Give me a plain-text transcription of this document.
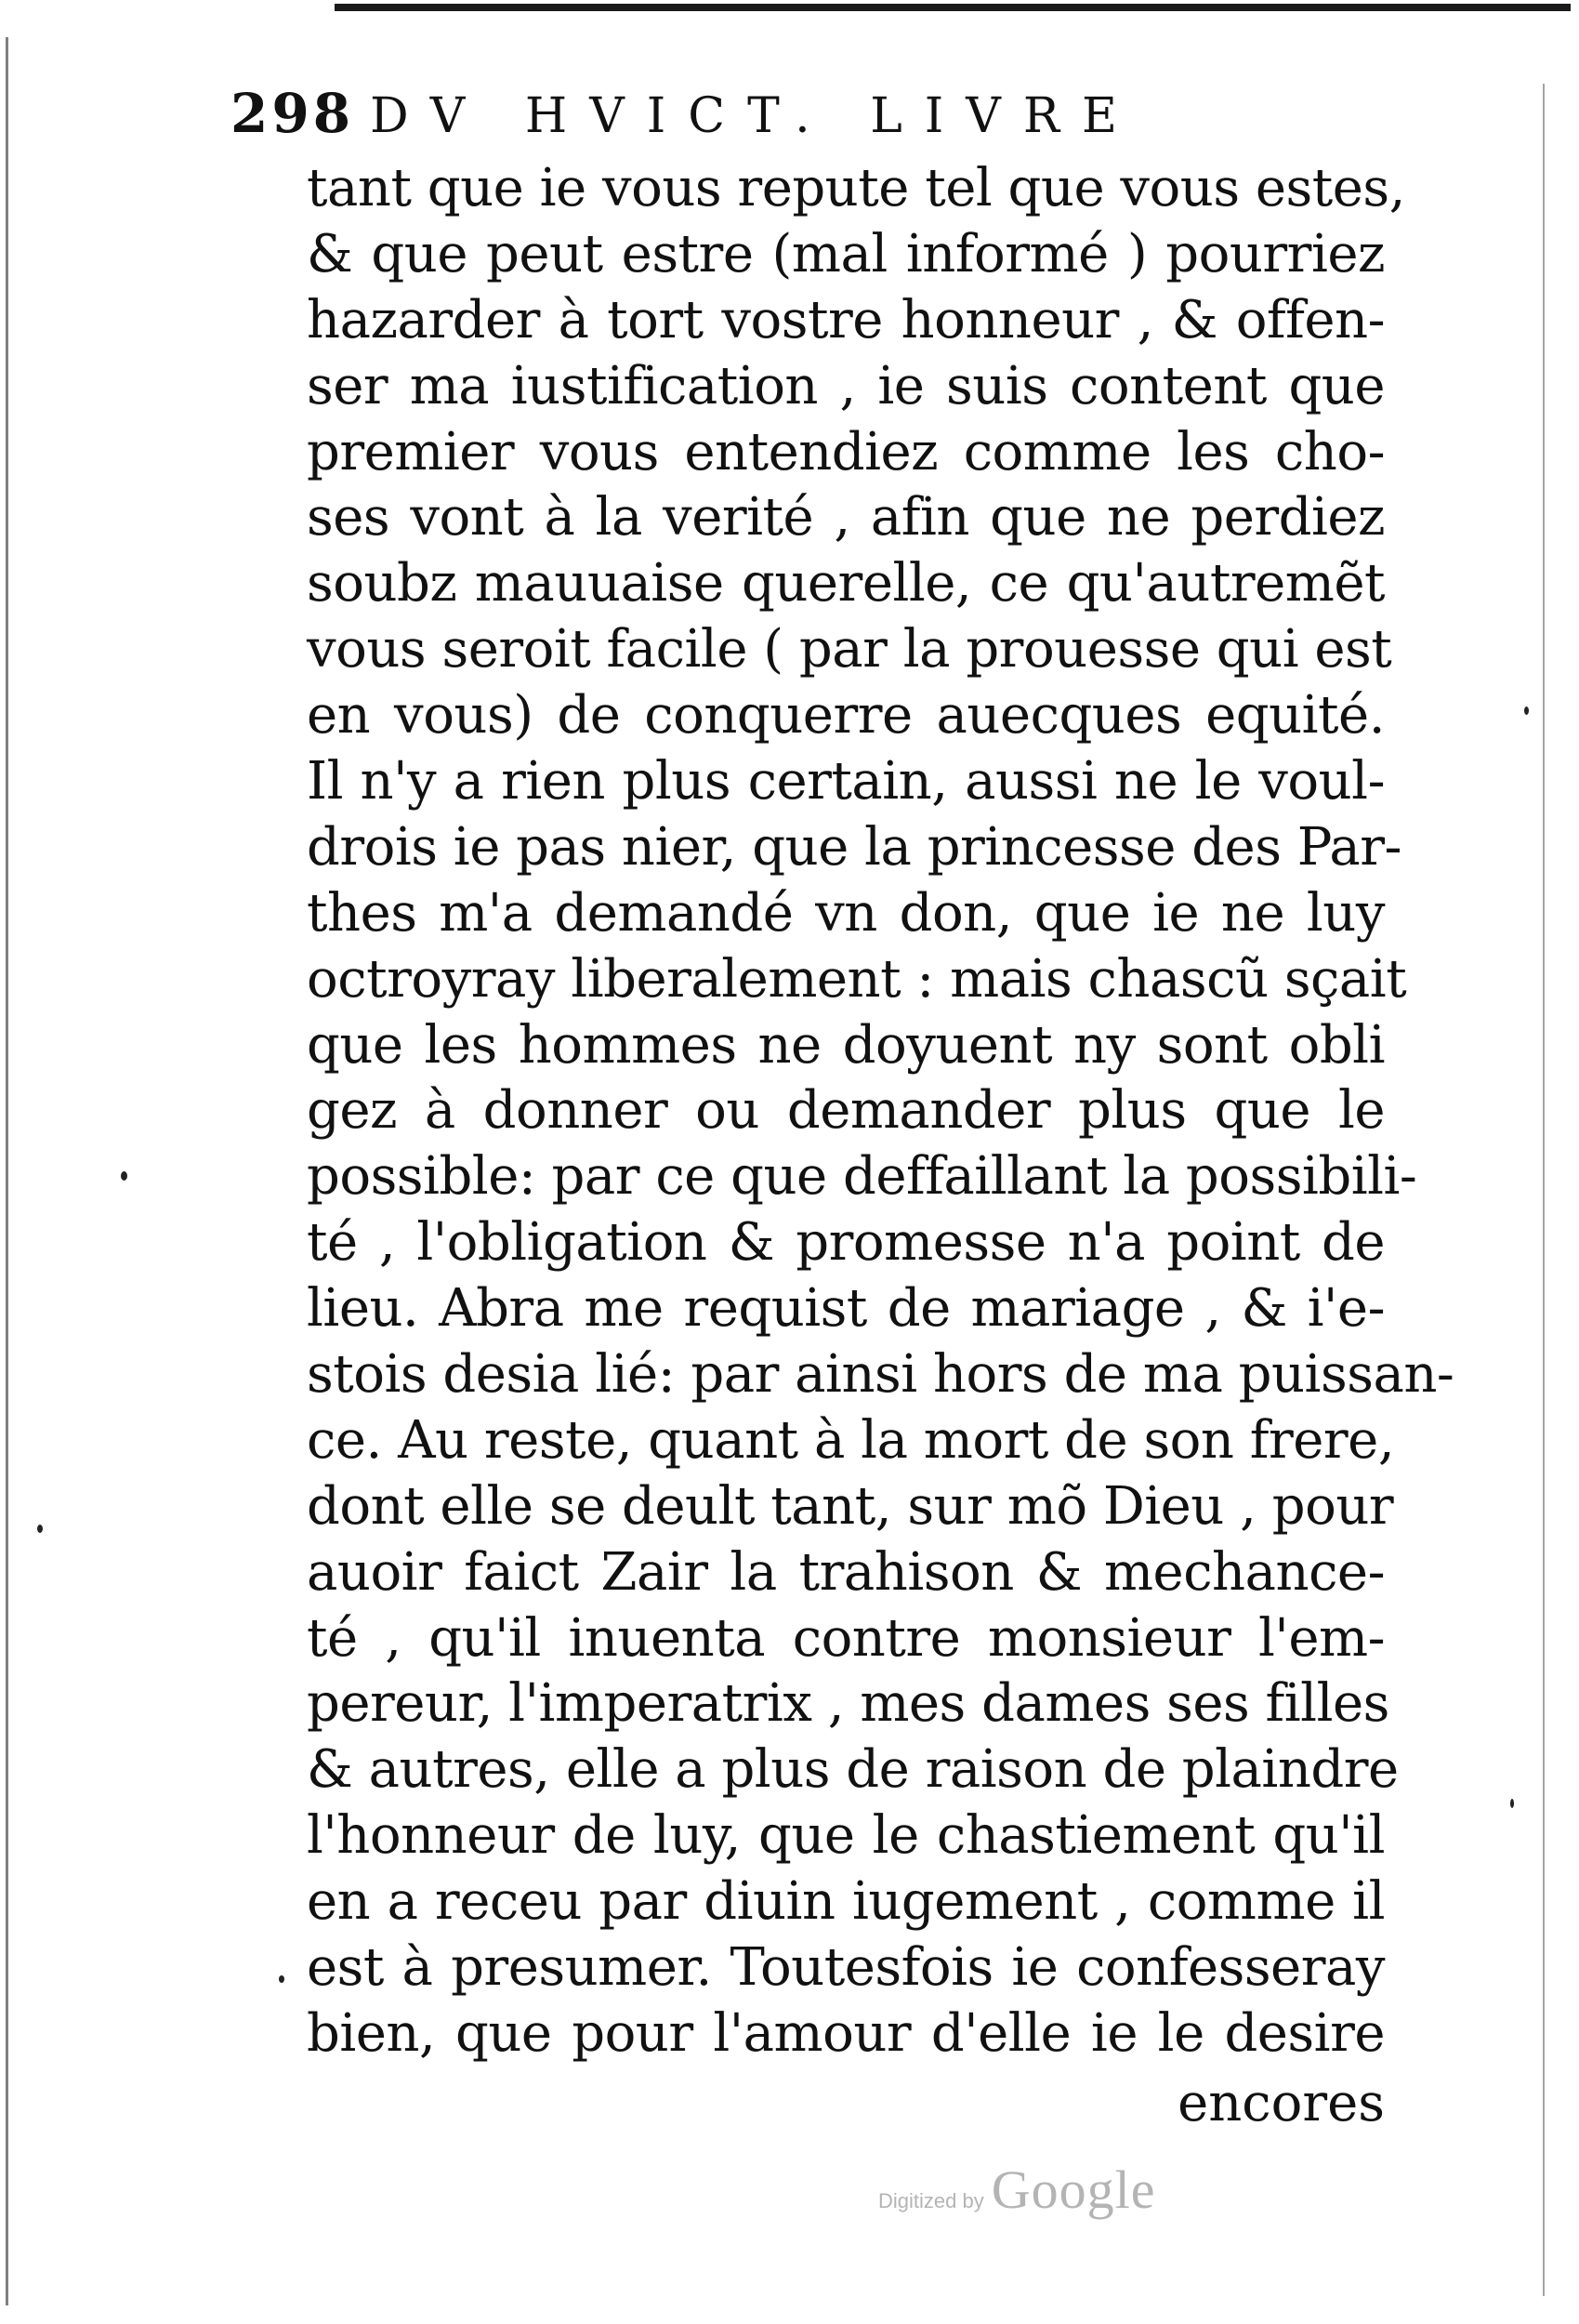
298 DV HVICT. LIVRE
tant que ie vous repute tel que vous estes,
& que peut estre (mal informé ) pourriez
hazarder à tort vostre honneur , & offen-
ser ma iustification , ie suis content que
premier vous entendiez comme les cho-
ses vont à la verité , afin que ne perdiez
soubz mauuaise querelle, ce qu'autremẽt
vous seroit facile ( par la prouesse qui est
en vous) de conquerre auecques equité.
Il n'y a rien plus certain, aussi ne le voul-
drois ie pas nier, que la princesse des Par-
thes m'a demandé vn don, que ie ne luy
octroyray liberalement : mais chascũ sçait
que les hommes ne doyuent ny sont obli
gez à donner ou demander plus que le
possible: par ce que deffaillant la possibili-
té , l'obligation & promesse n'a point de
lieu. Abra me requist de mariage , & i'e-
stois desia lié: par ainsi hors de ma puissan-
ce. Au reste, quant à la mort de son frere,
dont elle se deult tant, sur mõ Dieu , pour
auoir faict Zair la trahison & mechance-
té , qu'il inuenta contre monsieur l'em-
pereur, l'imperatrix , mes dames ses filles
& autres, elle a plus de raison de plaindre
l'honneur de luy, que le chastiement qu'il
en a receu par diuin iugement , comme il
est à presumer. Toutesfois ie confesseray
bien, que pour l'amour d'elle ie le desire
encores
Digitized by Google
